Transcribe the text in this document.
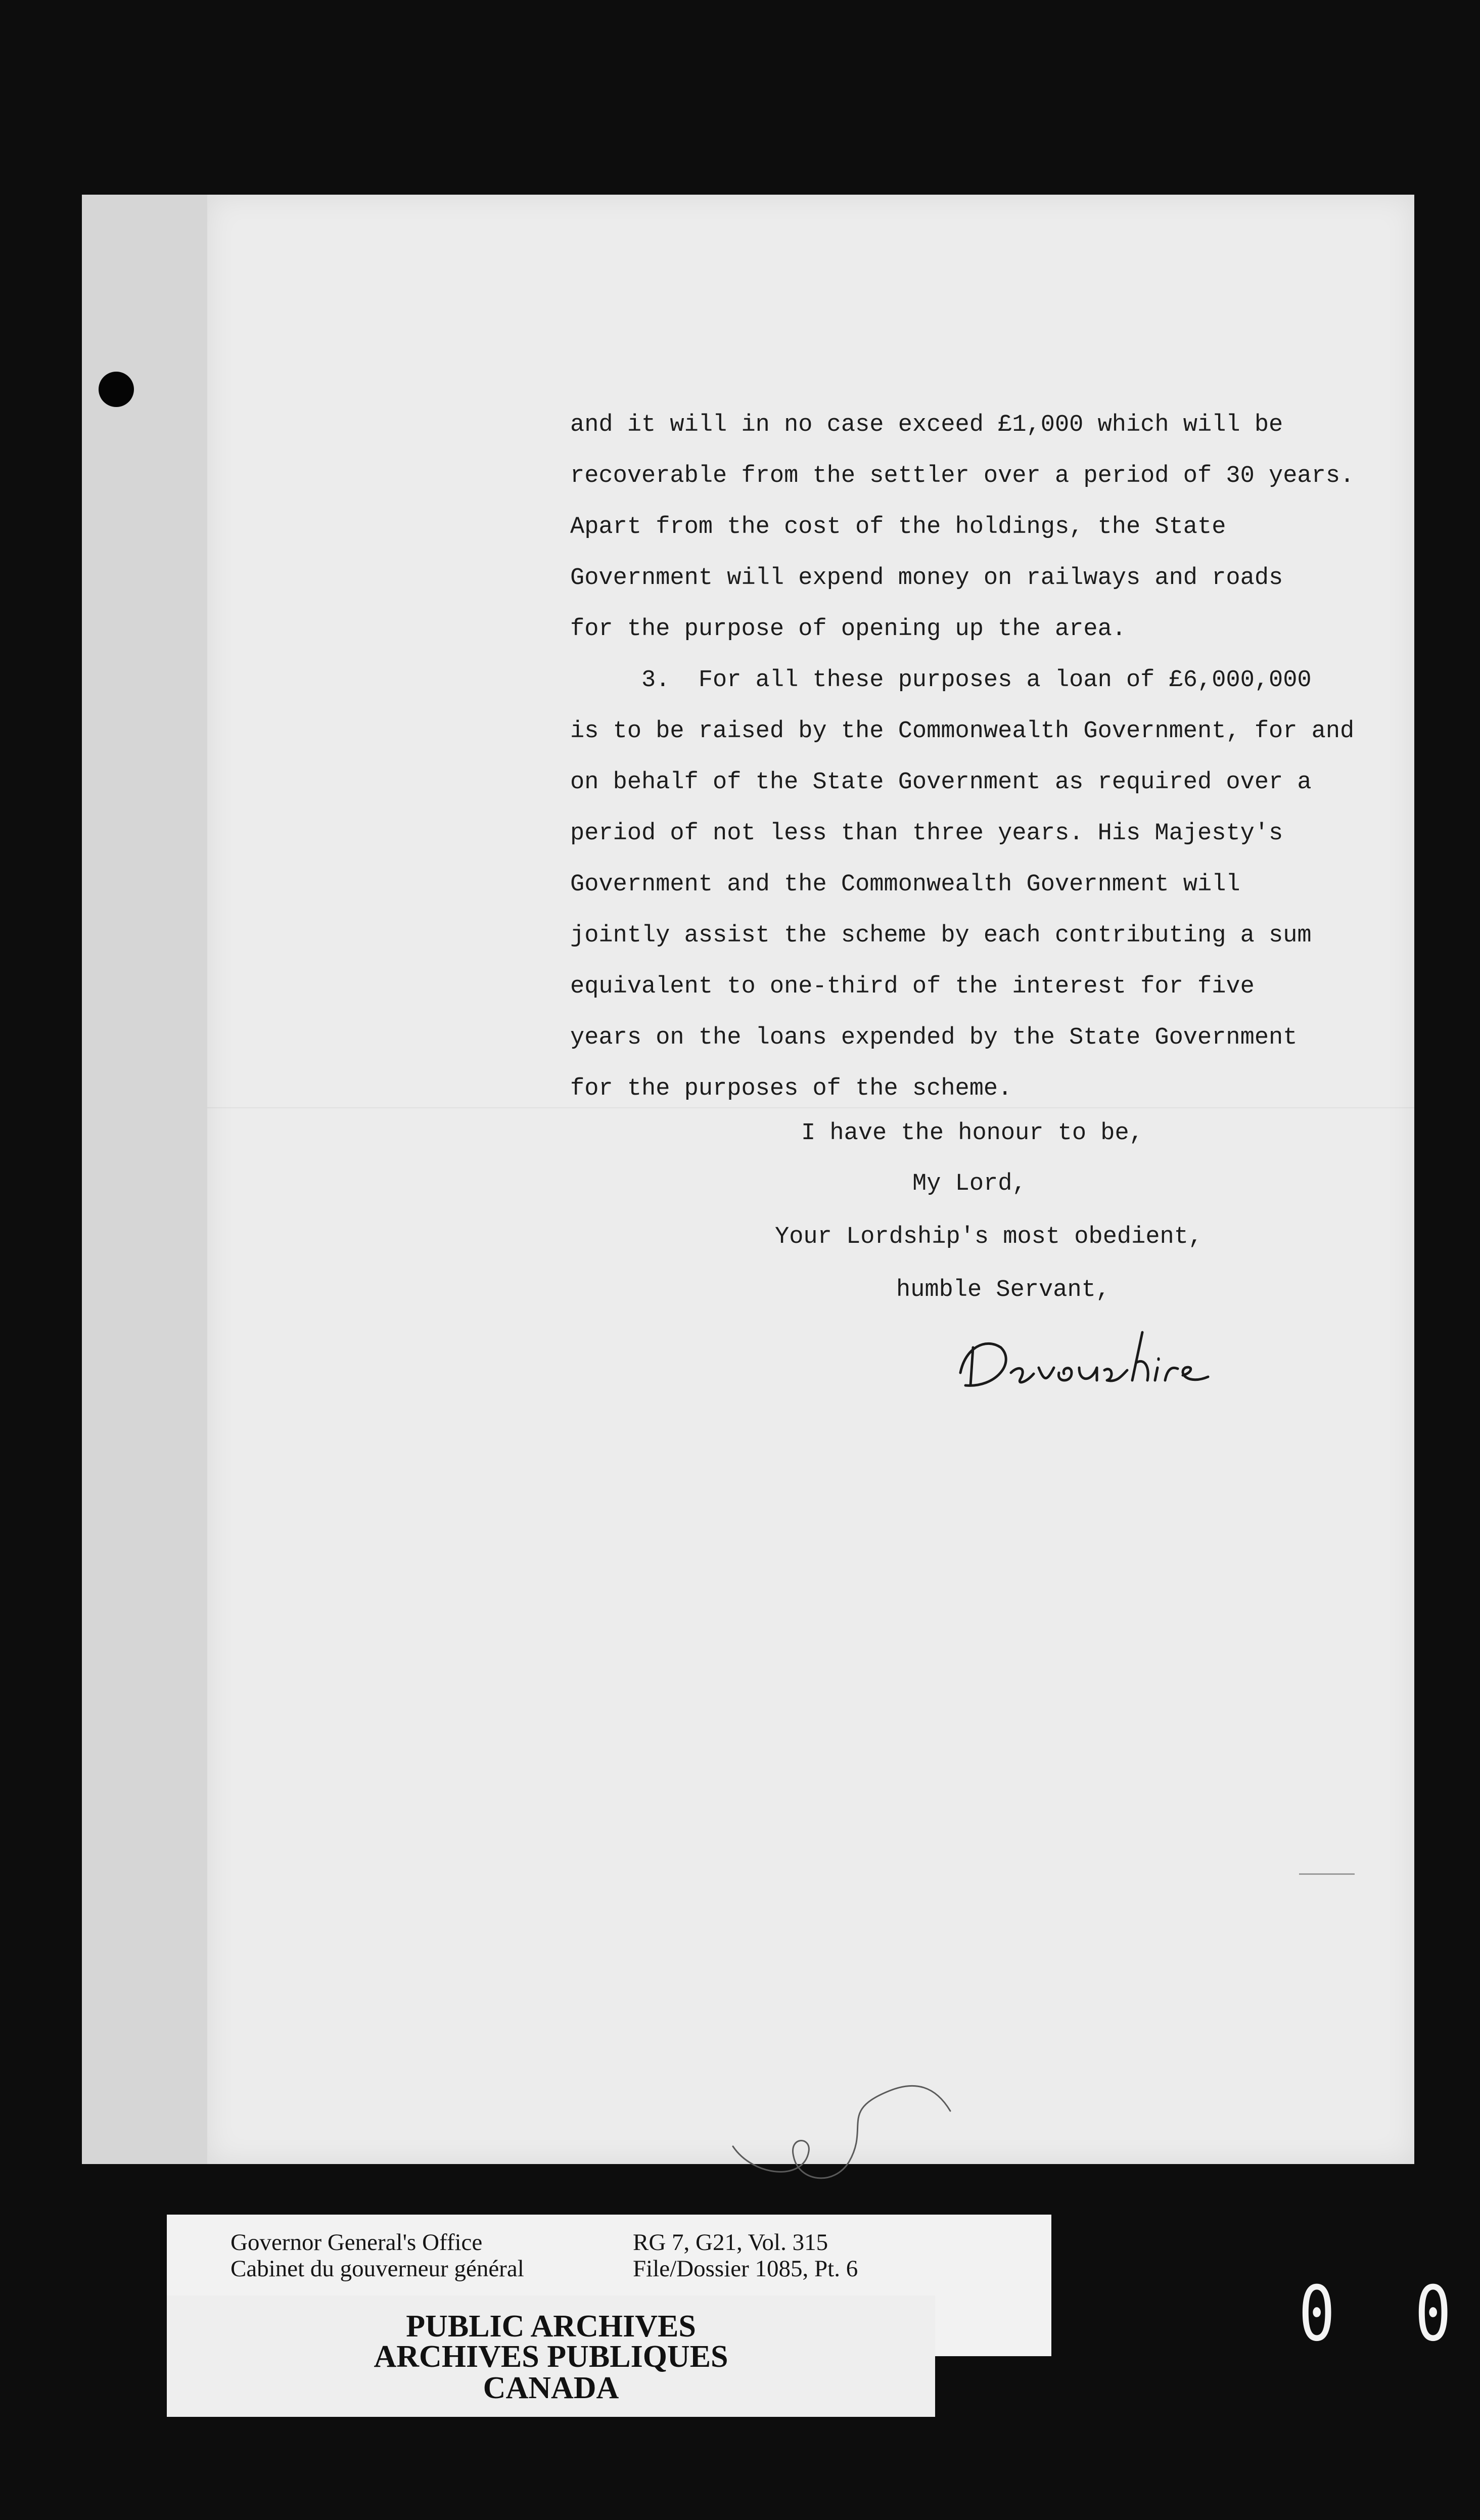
and it will in no case exceed £1,000 which will be
recoverable from the settler over a period of 30 years.
Apart from the cost of the holdings, the State
Government will expend money on railways and roads
for the purpose of opening up the area.
3.  For all these purposes a loan of £6,000,000
is to be raised by the Commonwealth Government, for and
on behalf of the State Government as required over a
period of not less than three years. His Majesty's
Government and the Commonwealth Government will
jointly assist the scheme by each contributing a sum
equivalent to one-third of the interest for five
years on the loans expended by the State Government
for the purposes of the scheme.

I have the honour to be,
My Lord,
Your Lordship's most obedient,
humble Servant,
Governor General's Office
Cabinet du gouverneur général
RG 7, G21, Vol. 315
File/Dossier 1085, Pt. 6
PUBLIC ARCHIVES
ARCHIVES PUBLIQUES
CANADA
0 0
